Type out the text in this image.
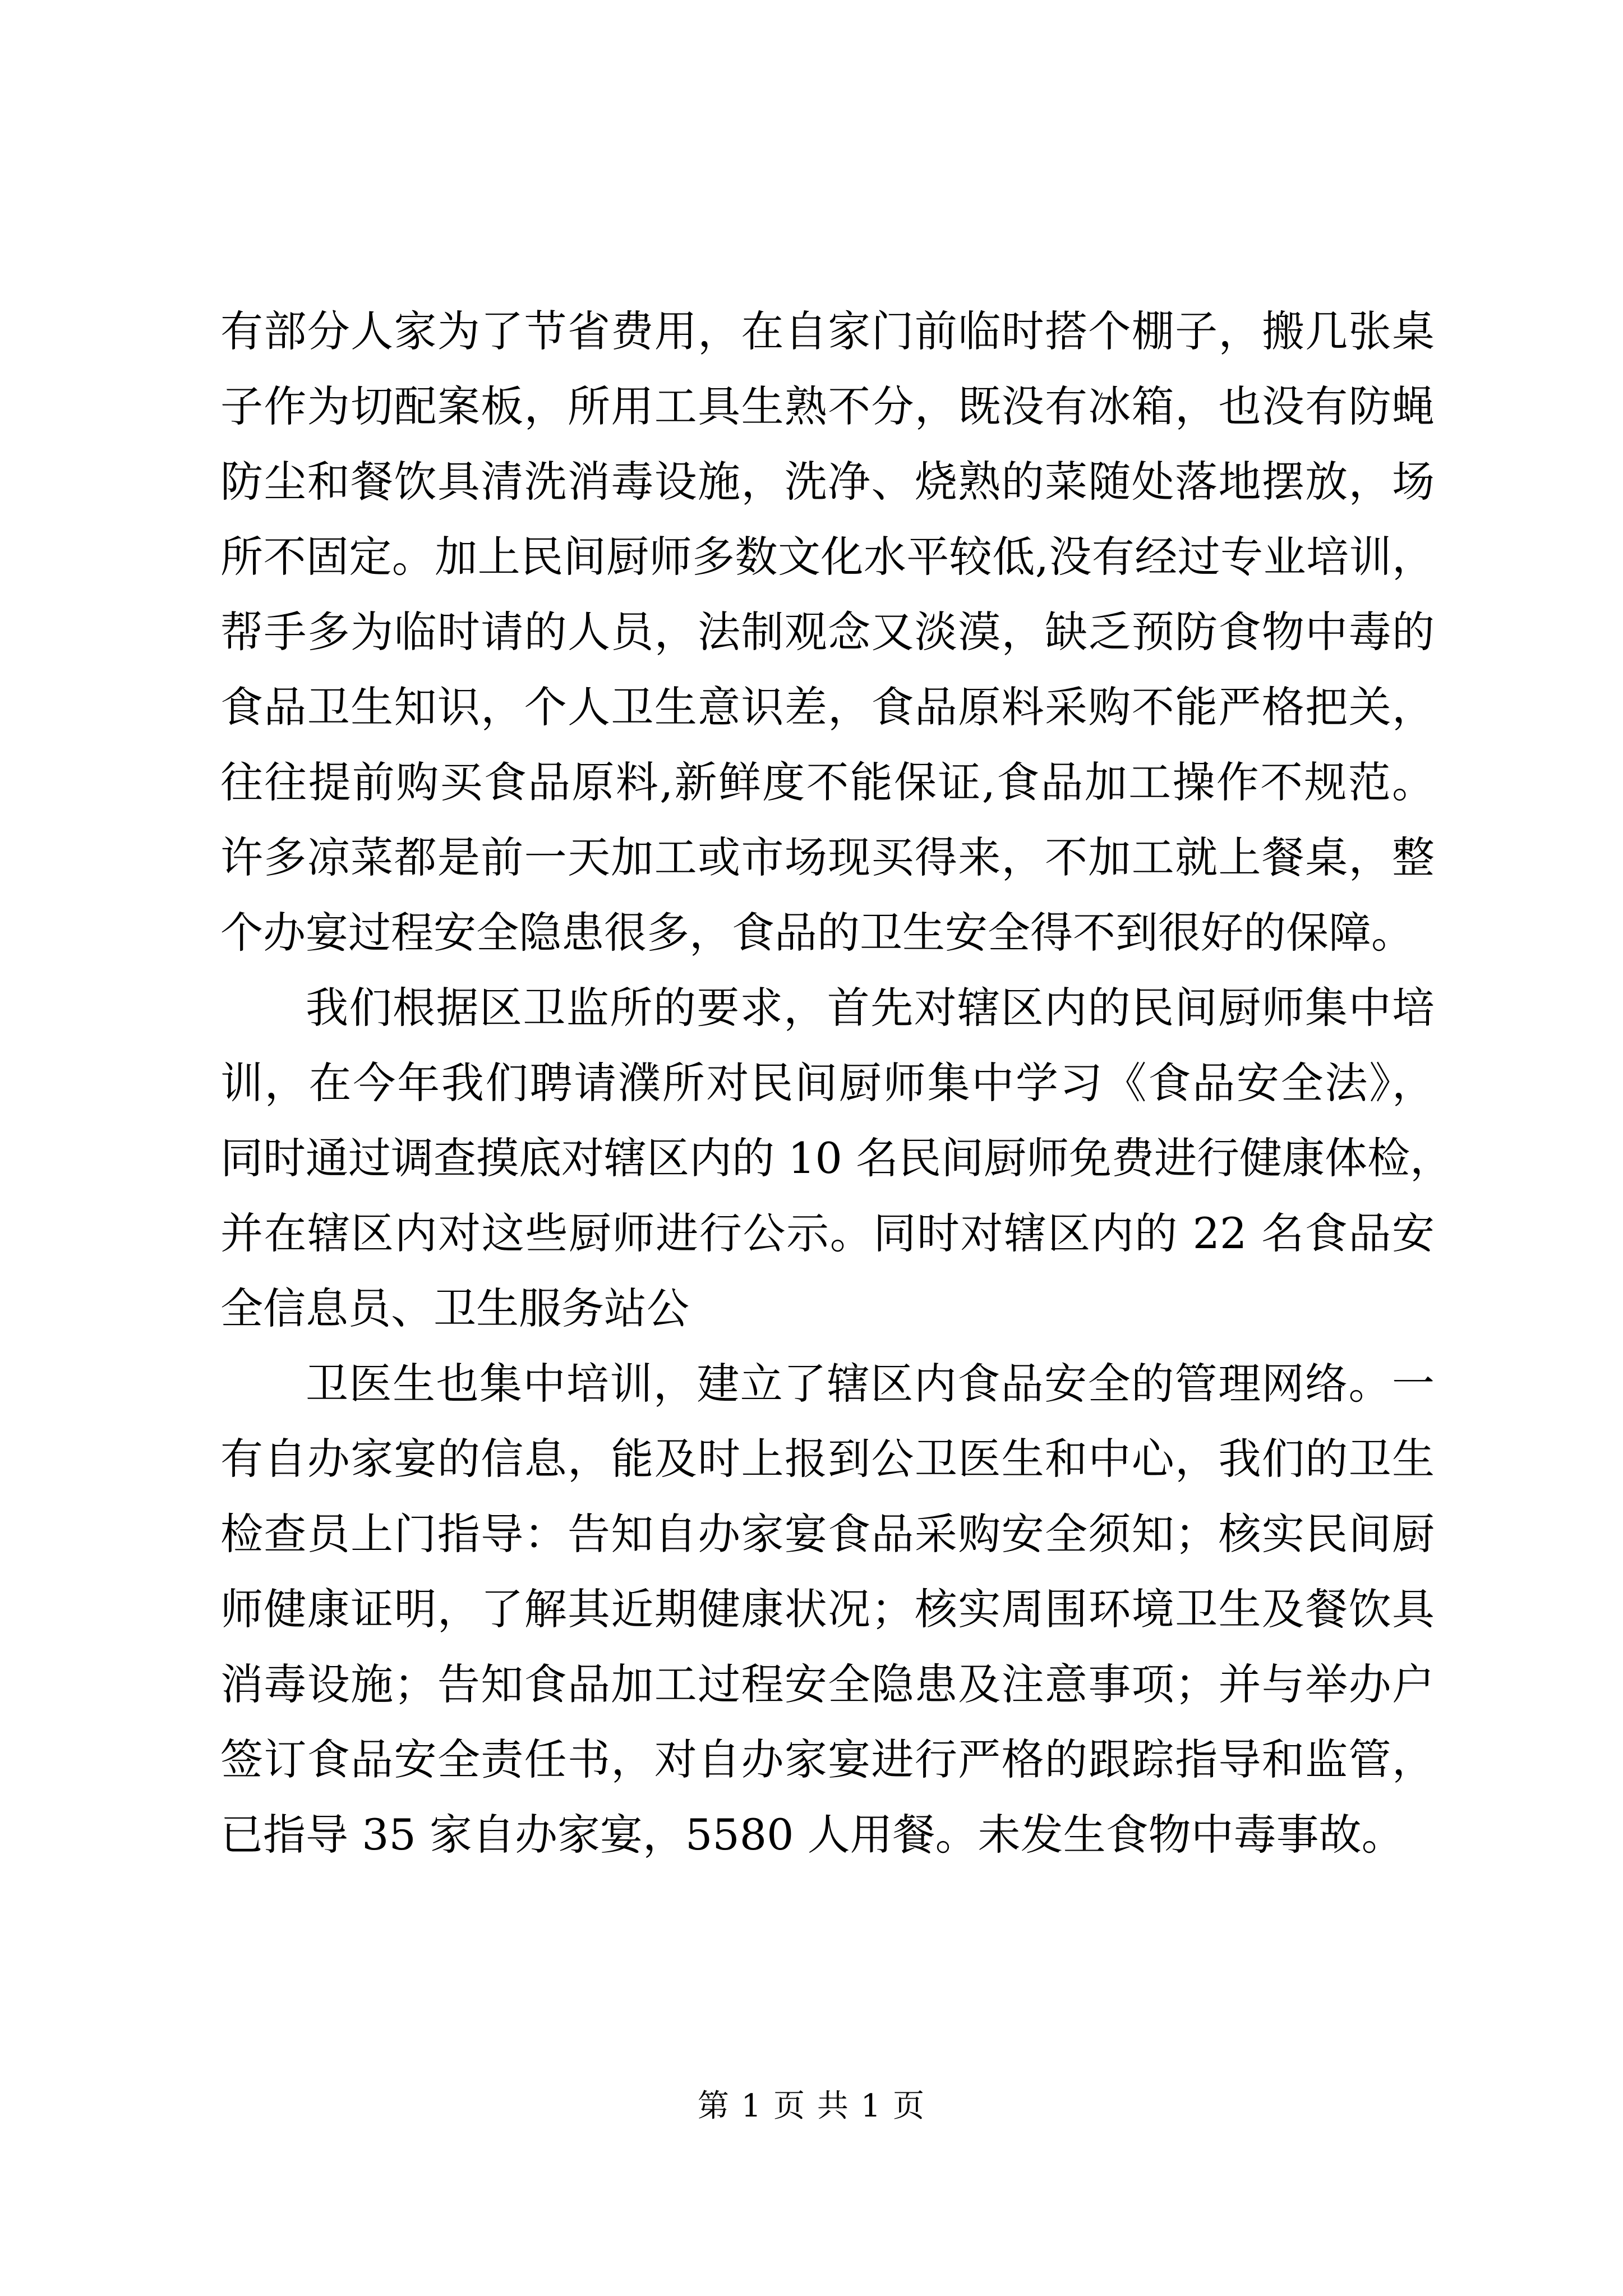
有部分人家为了节省费用，在自家门前临时搭个棚子，搬几张桌
子作为切配案板，所用工具生熟不分，既没有冰箱，也没有防蝇
防尘和餐饮具清洗消毒设施，洗净、烧熟的菜随处落地摆放，场
所不固定。加上民间厨师多数文化水平较低,没有经过专业培训，
帮手多为临时请的人员，法制观念又淡漠，缺乏预防食物中毒的
食品卫生知识，个人卫生意识差，食品原料采购不能严格把关，
往往提前购买食品原料,新鲜度不能保证,食品加工操作不规范。
许多凉菜都是前一天加工或市场现买得来，不加工就上餐桌，整
个办宴过程安全隐患很多，食品的卫生安全得不到很好的保障。
我们根据区卫监所的要求，首先对辖区内的民间厨师集中培
训，在今年我们聘请濮所对民间厨师集中学习《食品安全法》，
同时通过调查摸底对辖区内的 10 名民间厨师免费进行健康体检，
并在辖区内对这些厨师进行公示。同时对辖区内的 22 名食品安
全信息员、卫生服务站公
卫医生也集中培训，建立了辖区内食品安全的管理网络。一
有自办家宴的信息，能及时上报到公卫医生和中心，我们的卫生
检查员上门指导：告知自办家宴食品采购安全须知；核实民间厨
师健康证明，了解其近期健康状况；核实周围环境卫生及餐饮具
消毒设施；告知食品加工过程安全隐患及注意事项；并与举办户
签订食品安全责任书，对自办家宴进行严格的跟踪指导和监管，
已指导 35 家自办家宴，5580 人用餐。未发生食物中毒事故。
第 1 页 共 1 页
